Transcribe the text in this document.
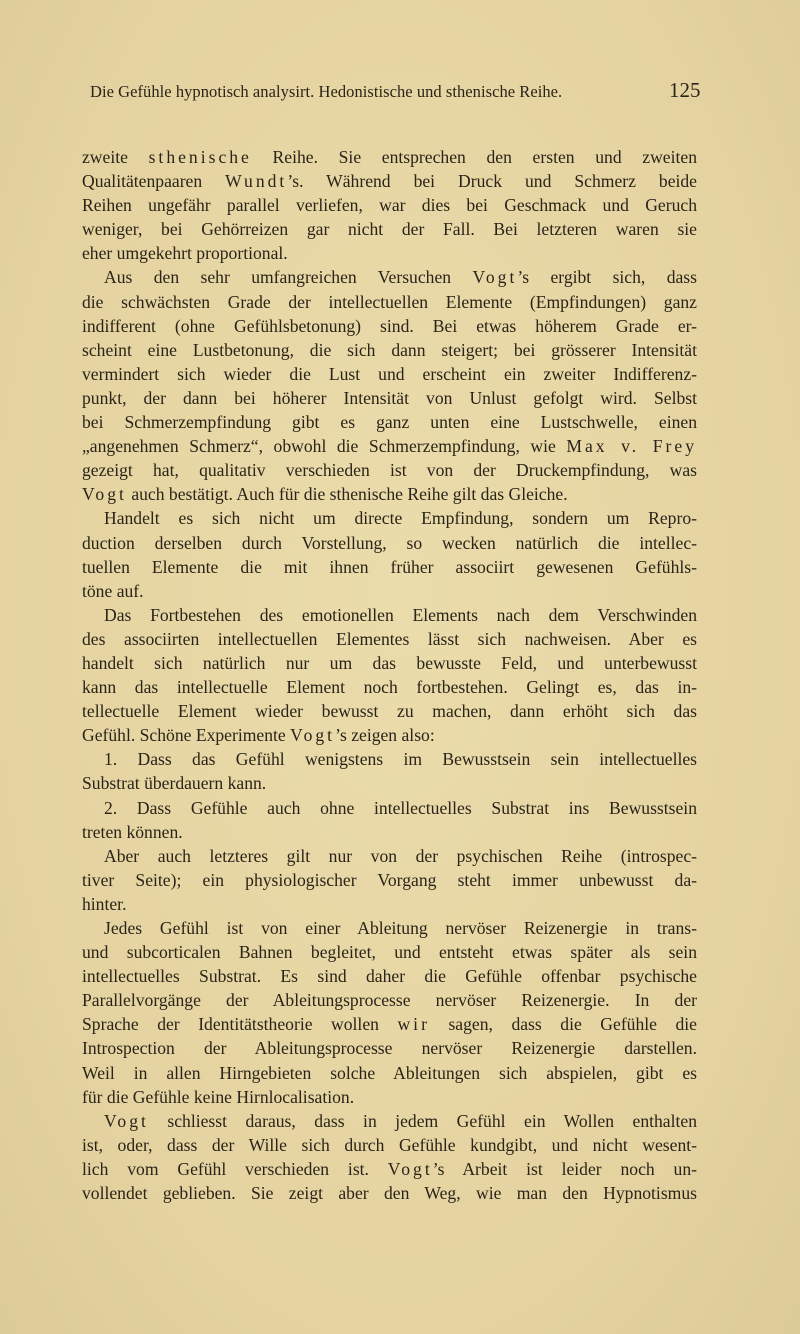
Die Gefühle hypnotisch analysirt. Hedonistische und sthenische Reihe.	125
zweite sthenische Reihe. Sie entsprechen den ersten und zweiten
Qualitätenpaaren Wundt’s. Während bei Druck und Schmerz beide
Reihen ungefähr parallel verliefen, war dies bei Geschmack und Geruch
weniger, bei Gehörreizen gar nicht der Fall. Bei letzteren waren sie
eher umgekehrt proportional.
Aus den sehr umfangreichen Versuchen Vogt’s ergibt sich, dass
die schwächsten Grade der intellectuellen Elemente (Empfindungen) ganz
indifferent (ohne Gefühlsbetonung) sind. Bei etwas höherem Grade er-
scheint eine Lustbetonung, die sich dann steigert; bei grösserer Intensität
vermindert sich wieder die Lust und erscheint ein zweiter Indifferenz-
punkt, der dann bei höherer Intensität von Unlust gefolgt wird. Selbst
bei Schmerzempfindung gibt es ganz unten eine Lustschwelle, einen
„angenehmen Schmerz“, obwohl die Schmerzempfindung, wie Max v. Frey
gezeigt hat, qualitativ verschieden ist von der Druckempfindung, was
Vogt auch bestätigt. Auch für die sthenische Reihe gilt das Gleiche.
Handelt es sich nicht um directe Empfindung, sondern um Repro-
duction derselben durch Vorstellung, so wecken natürlich die intellec-
tuellen Elemente die mit ihnen früher associirt gewesenen Gefühls-
töne auf.
Das Fortbestehen des emotionellen Elements nach dem Verschwinden
des associirten intellectuellen Elementes lässt sich nachweisen. Aber es
handelt sich natürlich nur um das bewusste Feld, und unterbewusst
kann das intellectuelle Element noch fortbestehen. Gelingt es, das in-
tellectuelle Element wieder bewusst zu machen, dann erhöht sich das
Gefühl. Schöne Experimente Vogt’s zeigen also:
1. Dass das Gefühl wenigstens im Bewusstsein sein intellectuelles
Substrat überdauern kann.
2. Dass Gefühle auch ohne intellectuelles Substrat ins Bewusstsein
treten können.
Aber auch letzteres gilt nur von der psychischen Reihe (introspec-
tiver Seite); ein physiologischer Vorgang steht immer unbewusst da-
hinter.
Jedes Gefühl ist von einer Ableitung nervöser Reizenergie in trans-
und subcorticalen Bahnen begleitet, und entsteht etwas später als sein
intellectuelles Substrat. Es sind daher die Gefühle offenbar psychische
Parallelvorgänge der Ableitungsprocesse nervöser Reizenergie. In der
Sprache der Identitätstheorie wollen wir sagen, dass die Gefühle die
Introspection der Ableitungsprocesse nervöser Reizenergie darstellen.
Weil in allen Hirngebieten solche Ableitungen sich abspielen, gibt es
für die Gefühle keine Hirnlocalisation.
Vogt schliesst daraus, dass in jedem Gefühl ein Wollen enthalten
ist, oder, dass der Wille sich durch Gefühle kundgibt, und nicht wesent-
lich vom Gefühl verschieden ist. Vogt’s Arbeit ist leider noch un-
vollendet geblieben. Sie zeigt aber den Weg, wie man den Hypnotismus
